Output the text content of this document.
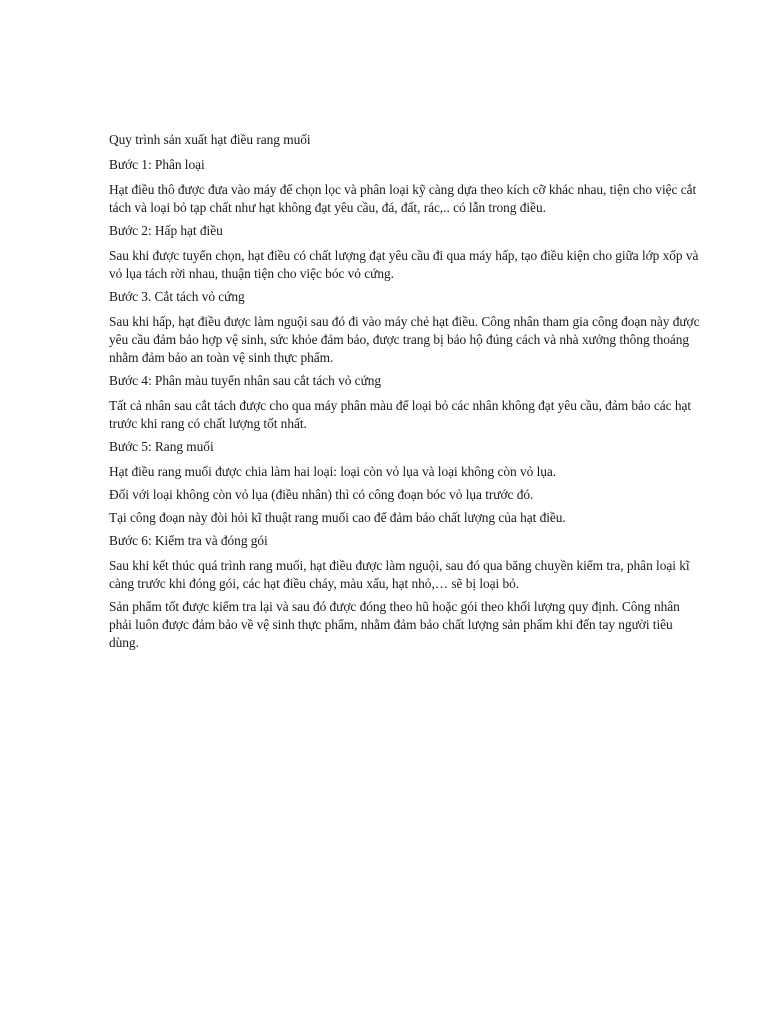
Quy trình sản xuất hạt điều rang muối
Bước 1: Phân loại

Hạt điều thô được đưa vào máy để chọn lọc và phân loại kỹ càng dựa theo kích cỡ khác nhau, tiện cho việc cắt tách và loại bỏ tạp chất như hạt không đạt yêu cầu, đá, đất, rác,.. có lẫn trong điều.

Bước 2: Hấp hạt điều

Sau khi được tuyển chọn, hạt điều có chất lượng đạt yêu cầu đi qua máy hấp, tạo điều kiện cho giữa lớp xốp và vỏ lụa tách rời nhau, thuận tiện cho việc bóc vỏ cứng.

Bước 3. Cắt tách vỏ cứng

Sau khi hấp, hạt điều được làm nguội sau đó đi vào máy chẻ hạt điều. Công nhân tham gia công đoạn này được yêu cầu đảm bảo hợp vệ sinh, sức khỏe đảm bảo, được trang bị bảo hộ đúng cách và nhà xưởng thông thoáng nhằm đảm bảo an toàn vệ sinh thực phẩm.

Bước 4: Phân màu tuyển nhân sau cắt tách vỏ cứng

Tất cả nhân sau cắt tách được cho qua máy phân màu để loại bỏ các nhân không đạt yêu cầu, đảm bảo các hạt trước khi rang có chất lượng tốt nhất.

Bước 5: Rang muối

Hạt điều rang muối được chia làm hai loại: loại còn vỏ lụa và loại không còn vỏ lụa.

Đối với loại không còn vỏ lụa (điều nhân) thì có công đoạn bóc vỏ lụa trước đó.

Tại công đoạn này đòi hỏi kĩ thuật rang muối cao để đảm bảo chất lượng của hạt điều.

Bước 6: Kiểm tra và đóng gói

Sau khi kết thúc quá trình rang muối, hạt điều được làm nguội, sau đó qua băng chuyền kiểm tra, phân loại kĩ càng trước khi đóng gói, các hạt điều cháy, màu xấu, hạt nhỏ,… sẽ bị loại bỏ.

Sản phẩm tốt được kiểm tra lại và sau đó được đóng theo hũ hoặc gói theo khối lượng quy định. Công nhân phải luôn được đảm bảo về vệ sinh thực phẩm, nhằm đảm bảo chất lượng sản phẩm khi đến tay người tiêu dùng.
